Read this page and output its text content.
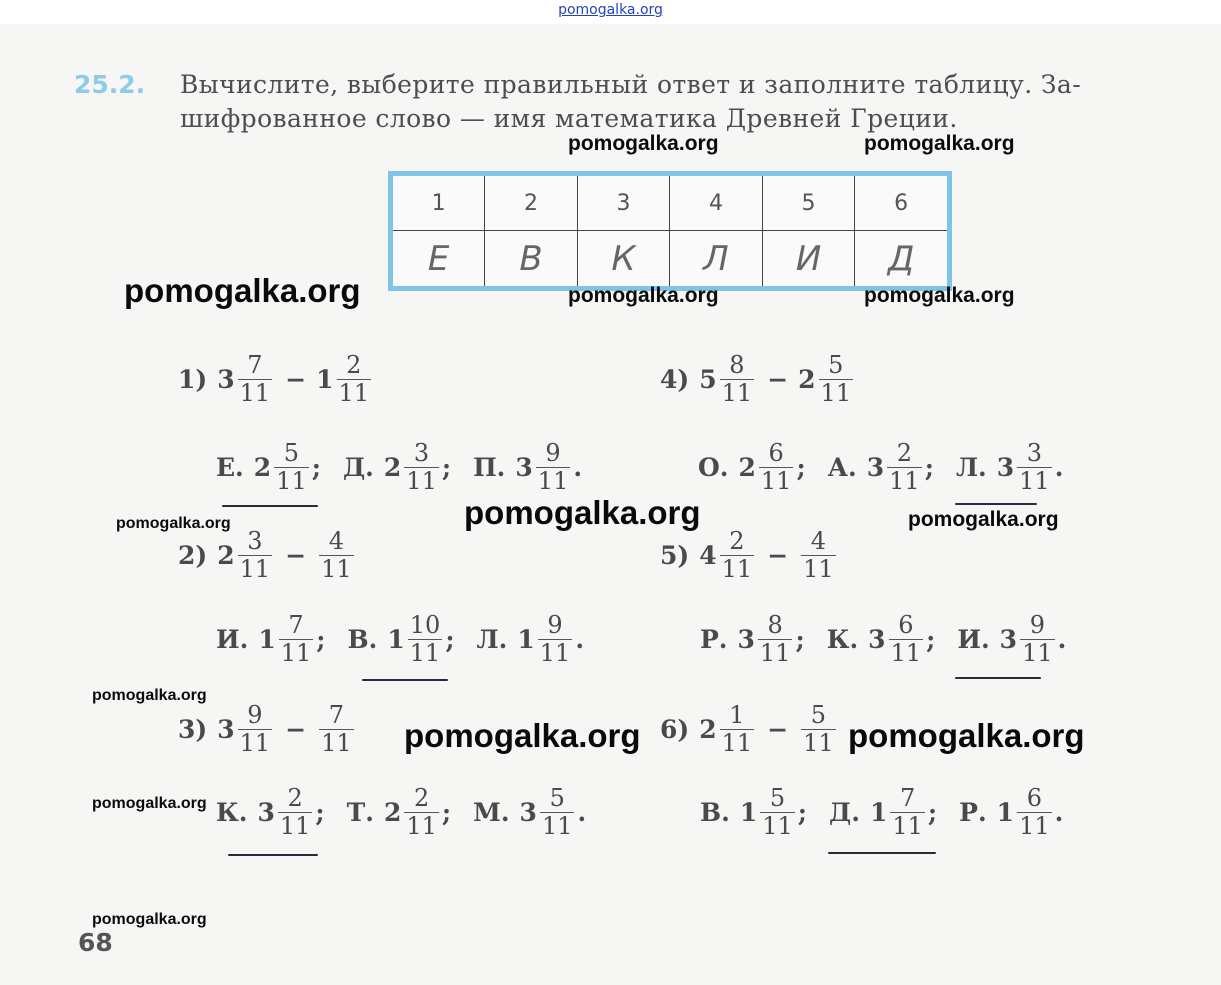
pomogalka.org
25.2. Вычислите, выберите правильный ответ и заполните таблицу. За-
шифрованное слово — имя математика Древней Греции.
1	2	3	4	5	6
Е	В	К	Л	И	Д
1) $3 \frac{7}{11} - 1 \frac{2}{11}$
Е. $2 \frac{5}{11}$ ; Д. $2 \frac{3}{11}$ ; П. $3 \frac{9}{11}$ .
2) $2 \frac{3}{11} - \frac{4}{11}$
И. $1 \frac{7}{11}$ ; В. $1 \frac{10}{11}$ ; Л. $1 \frac{9}{11}$ .
3) $3 \frac{9}{11} - \frac{7}{11}$
К. $3 \frac{2}{11}$ ; Т. $2 \frac{2}{11}$ ; М. $3 \frac{5}{11}$ .
4) $5 \frac{8}{11} - 2 \frac{5}{11}$
О. $2 \frac{6}{11}$ ; А. $3 \frac{2}{11}$ ; Л. $3 \frac{3}{11}$ .
5) $4 \frac{2}{11} - \frac{4}{11}$
Р. $3 \frac{8}{11}$ ; К. $3 \frac{6}{11}$ ; И. $3 \frac{9}{11}$ .
6) $2 \frac{1}{11} - \frac{5}{11}$
В. $1 \frac{5}{11}$ ; Д. $1 \frac{7}{11}$ ; Р. $1 \frac{6}{11}$ .
pomogalka.org	pomogalka.org
pomogalka.org	pomogalka.org	pomogalka.org
pomogalka.org	pomogalka.org	pomogalka.org
pomogalka.org
pomogalka.org	pomogalka.org
pomogalka.org
pomogalka.org
68
